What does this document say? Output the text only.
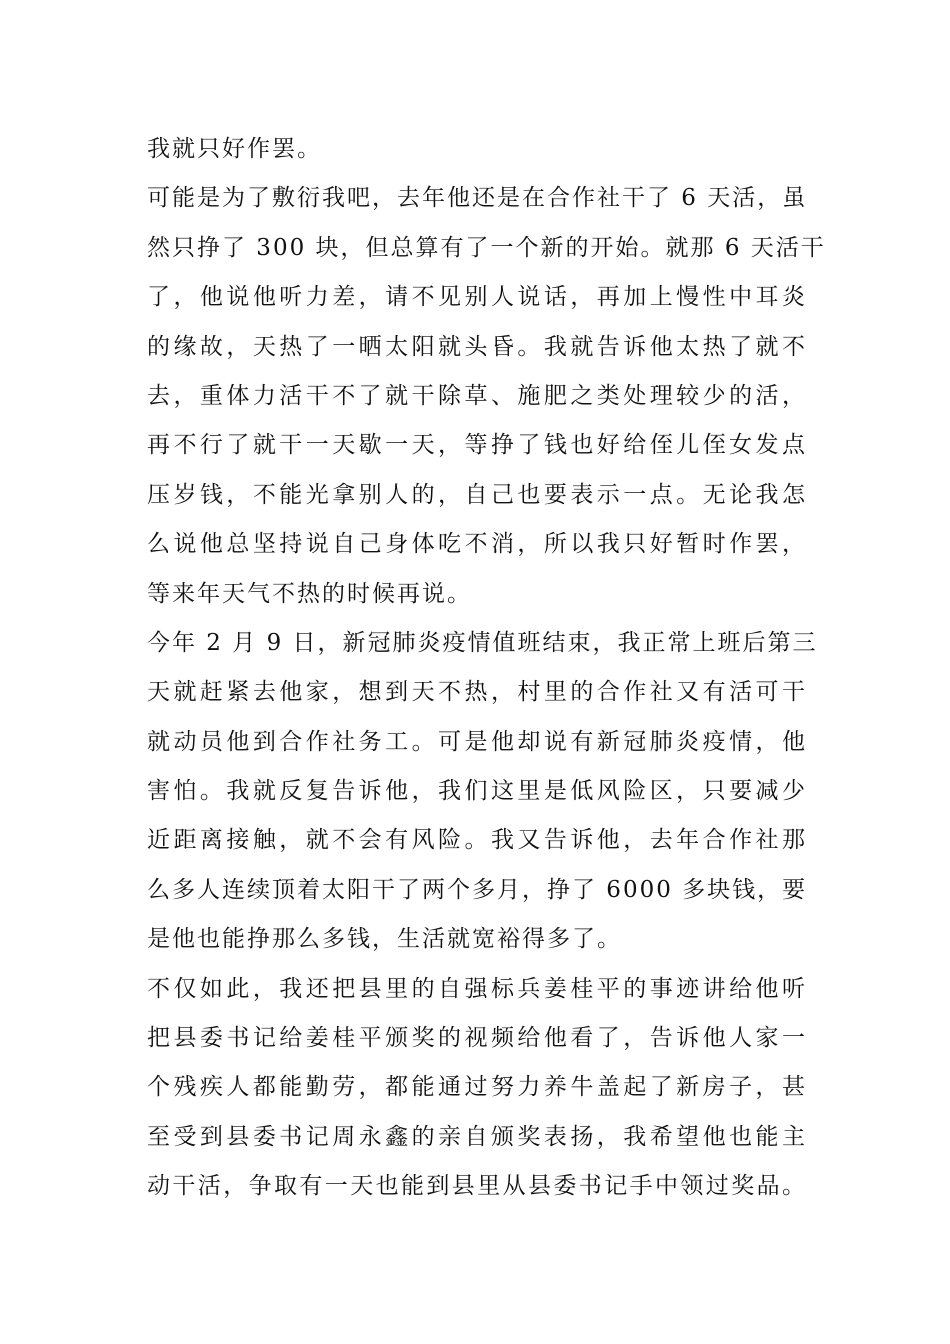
我就只好作罢。
可能是为了敷衍我吧，去年他还是在合作社干了 6 天活，虽
然只挣了 300 块，但总算有了一个新的开始。就那 6 天活干
了，他说他听力差，请不见别人说话，再加上慢性中耳炎
的缘故，天热了一晒太阳就头昏。我就告诉他太热了就不
去，重体力活干不了就干除草、施肥之类处理较少的活，
再不行了就干一天歇一天，等挣了钱也好给侄儿侄女发点
压岁钱，不能光拿别人的，自己也要表示一点。无论我怎
么说他总坚持说自己身体吃不消，所以我只好暂时作罢，
等来年天气不热的时候再说。
今年 2 月 9 日，新冠肺炎疫情值班结束，我正常上班后第三
天就赶紧去他家，想到天不热，村里的合作社又有活可干
就动员他到合作社务工。可是他却说有新冠肺炎疫情，他
害怕。我就反复告诉他，我们这里是低风险区，只要减少
近距离接触，就不会有风险。我又告诉他，去年合作社那
么多人连续顶着太阳干了两个多月，挣了 6000 多块钱，要
是他也能挣那么多钱，生活就宽裕得多了。
不仅如此，我还把县里的自强标兵姜桂平的事迹讲给他听
把县委书记给姜桂平颁奖的视频给他看了，告诉他人家一
个残疾人都能勤劳，都能通过努力养牛盖起了新房子，甚
至受到县委书记周永鑫的亲自颁奖表扬，我希望他也能主
动干活，争取有一天也能到县里从县委书记手中领过奖品。
